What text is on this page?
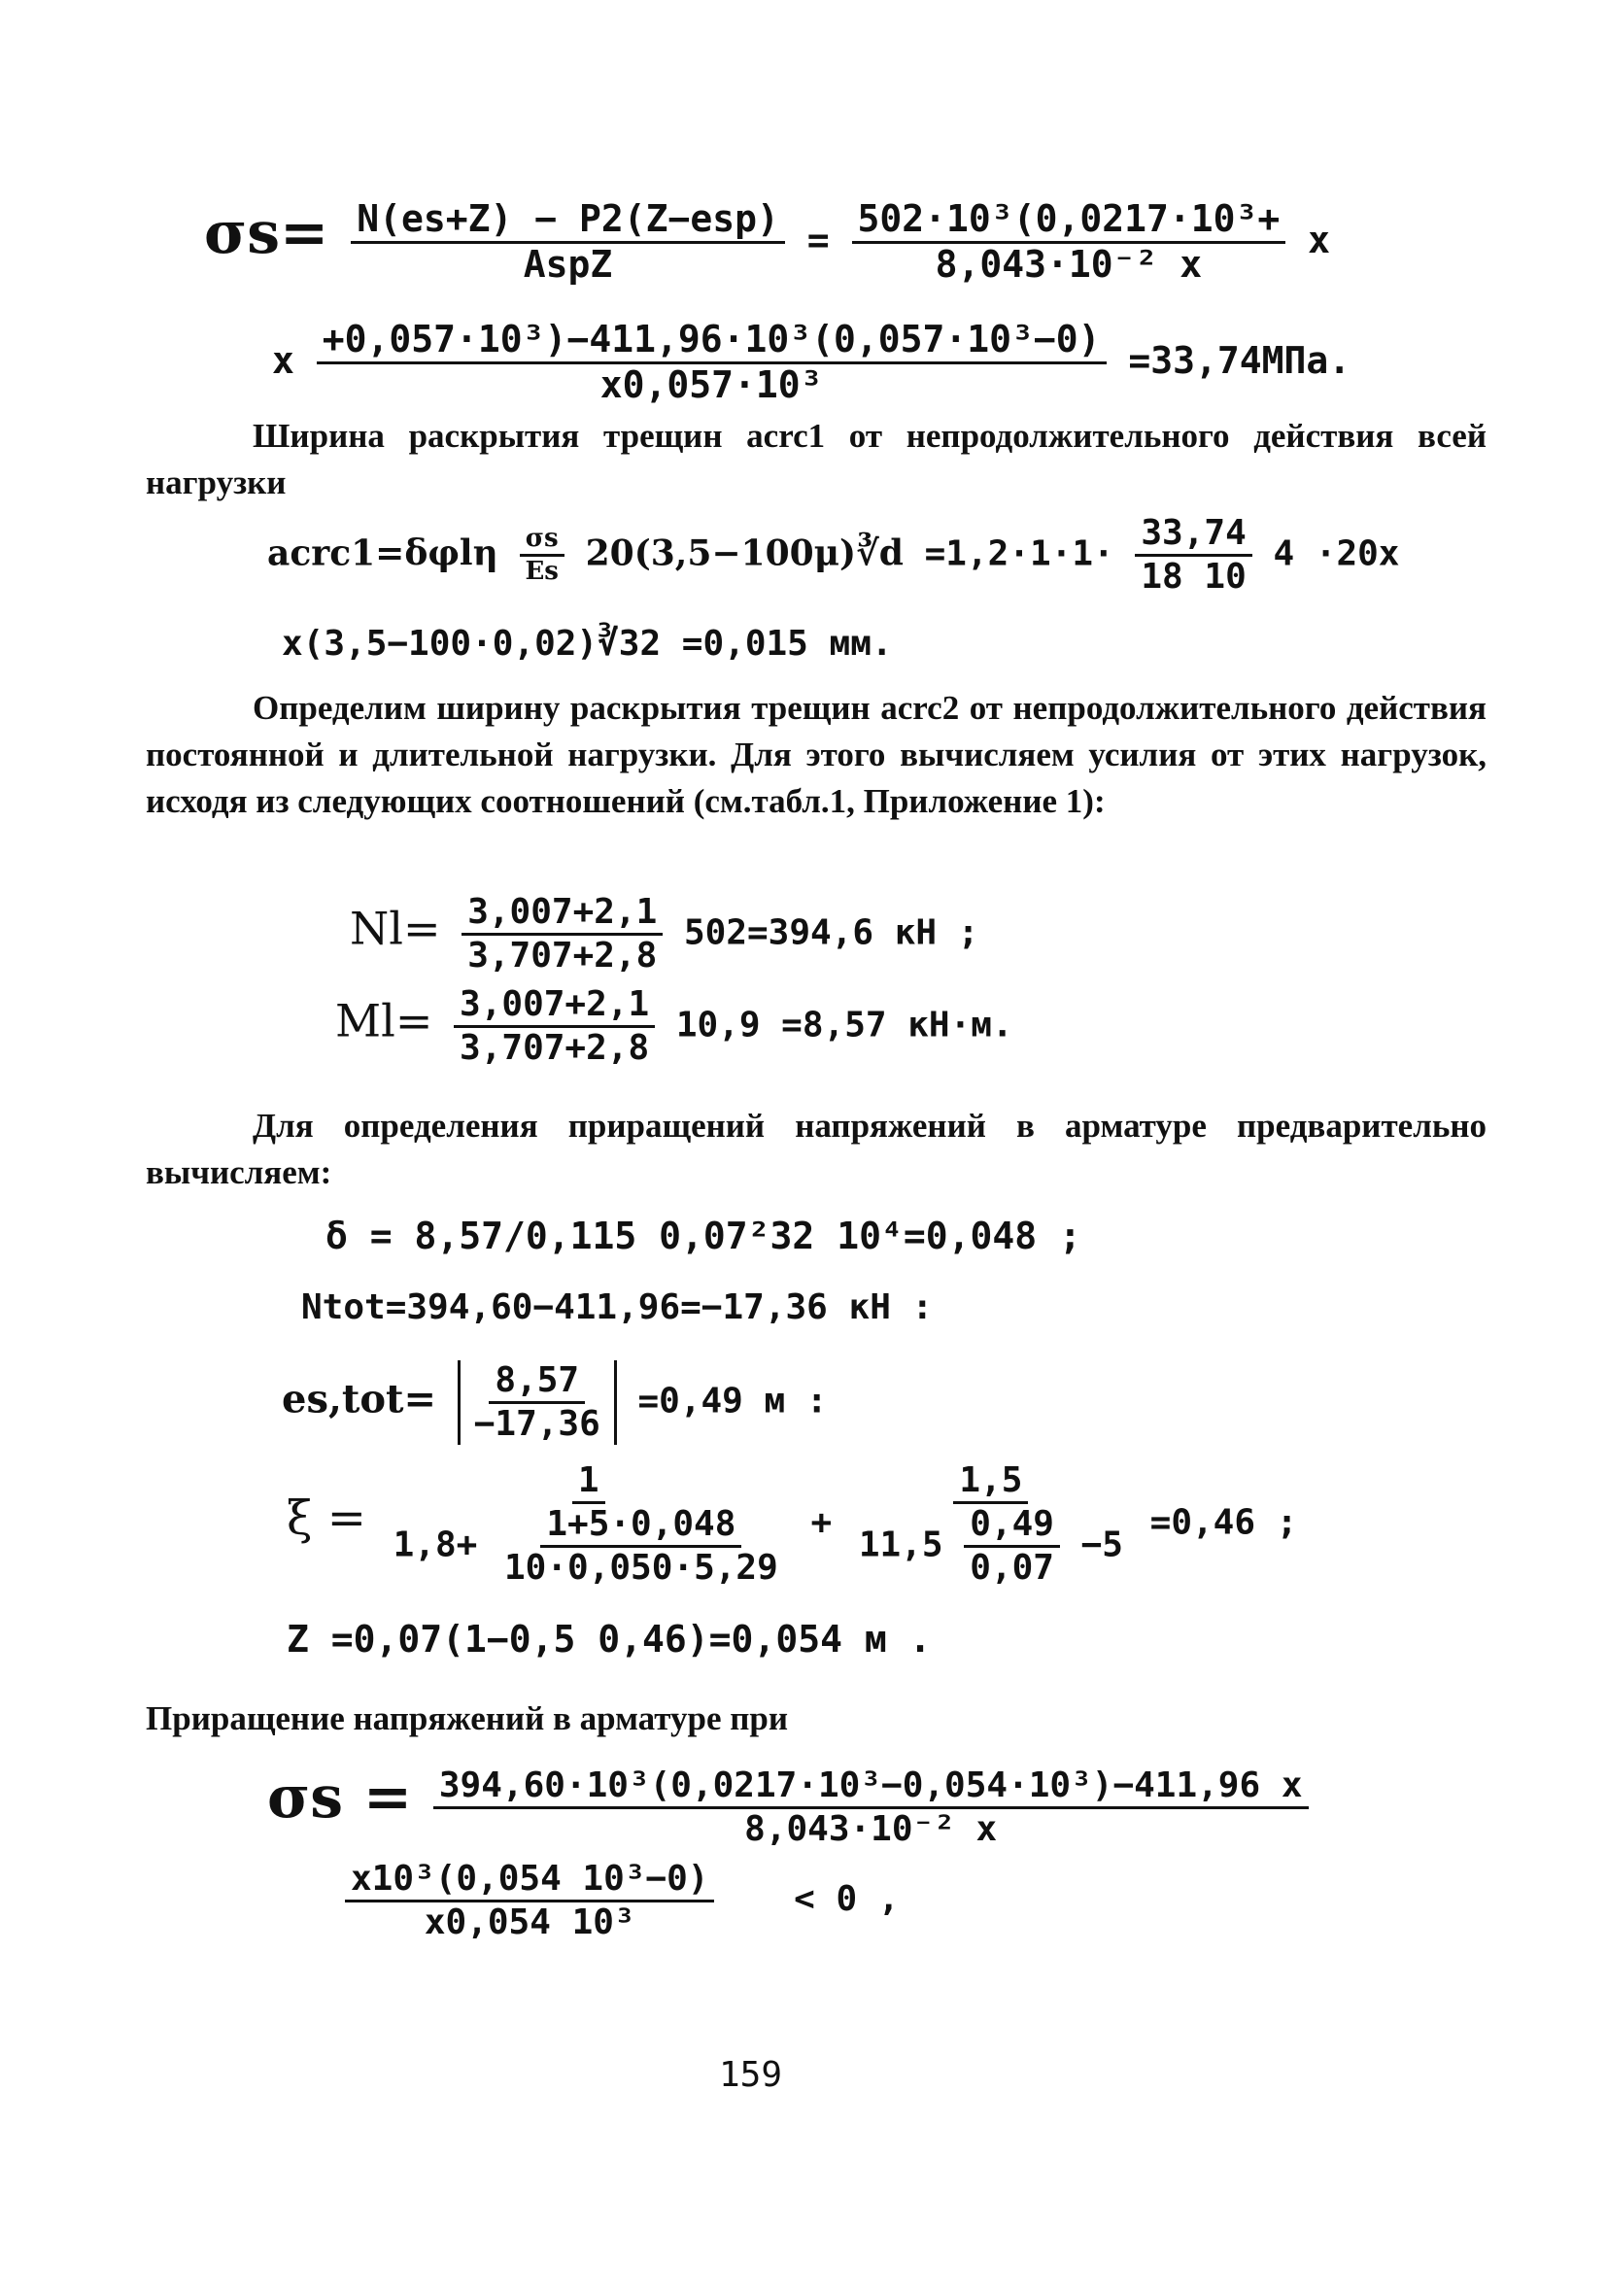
$\sigma s= \frac{\text{N(es+Z) − P2(Z−esp)}}{\text{AspZ}} = \frac{\text{502·10³(0,0217·10³+}}{\text{8,043·10⁻² x}}$ x
x $\frac{\text{+0,057·10³)−411,96·10³(0,057·10³−0)}}{\text{x0,057·10³}} =33,74МПа$.

Ширина раскрытия трещин acrc1 от непродолжительного действия всей нагрузки

acrc1=δφlη $\frac{\sigma s}{Es}$ 20(3,5−100μ)∛d $=1,2\cdot 1\cdot 1\cdot \frac{33,74}{18 10} 4 \cdot 20x$
x(3,5−100·0,02)∛32 =0,015 мм.

Определим ширину раскрытия трещин acrc2 от непродолжительного действия постоянной и длительной нагрузки. Для этого вычисляем усилия от этих нагрузок, исходя из следующих соотношений (см.табл.1, Приложение 1):

$Nl= \frac{3,007+2,1}{3,707+2,8} 502=394,6$ кН ;
$Ml= \frac{3,007+2,1}{3,707+2,8} 10,9 =8,57$ кН·м.

Для определения приращений напряжений в арматуре предварительно вычисляем:

δ = 8,57/0,115 0,07²32 10⁴=0,048 ;
Ntot=394,60−411,96=−17,36 кН :
$es,tot= \frac{8,57}{-17,36} =0,49$ м :
$\xi = \frac{1}{1,8+ \frac{1+5\cdot 0,048}{10\cdot 0,050\cdot 5,29}}$ +
1,5
$11,5 \frac{0,49}{0,07} -5$
=0,46 ;
Z =0,07(1−0,5 0,46)=0,054 м .

Приращение напряжений в арматуре при

$\sigma s = \frac{\text{394,60·10³(0,0217·10³−0,054·10³)−411,96 x}}{\text{8,043·10⁻² x}}$
$\frac{\text{x10³(0,054 10³−0)}}{\text{x0,054 10³}} < 0$ ,
159
